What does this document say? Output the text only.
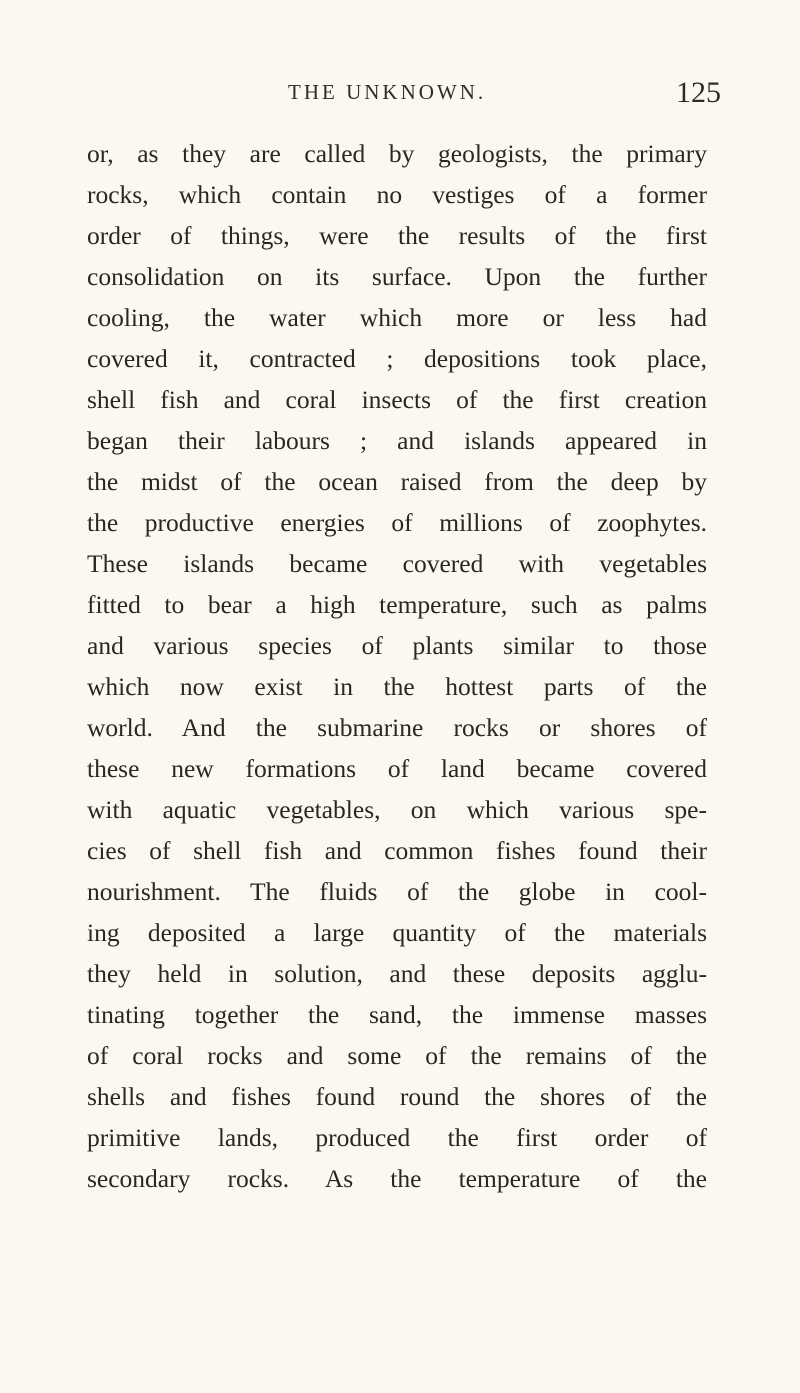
THE UNKNOWN.	125
or, as they are called by geologists, the primary
rocks, which contain no vestiges of a former
order of things, were the results of the first
consolidation on its surface. Upon the further
cooling, the water which more or less had
covered it, contracted ; depositions took place,
shell fish and coral insects of the first creation
began their labours ; and islands appeared in
the midst of the ocean raised from the deep by
the productive energies of millions of zoophytes.
These islands became covered with vegetables
fitted to bear a high temperature, such as palms
and various species of plants similar to those
which now exist in the hottest parts of the
world. And the submarine rocks or shores of
these new formations of land became covered
with aquatic vegetables, on which various spe-
cies of shell fish and common fishes found their
nourishment. The fluids of the globe in cool-
ing deposited a large quantity of the materials
they held in solution, and these deposits agglu-
tinating together the sand, the immense masses
of coral rocks and some of the remains of the
shells and fishes found round the shores of the
primitive lands, produced the first order of
secondary rocks. As the temperature of the
